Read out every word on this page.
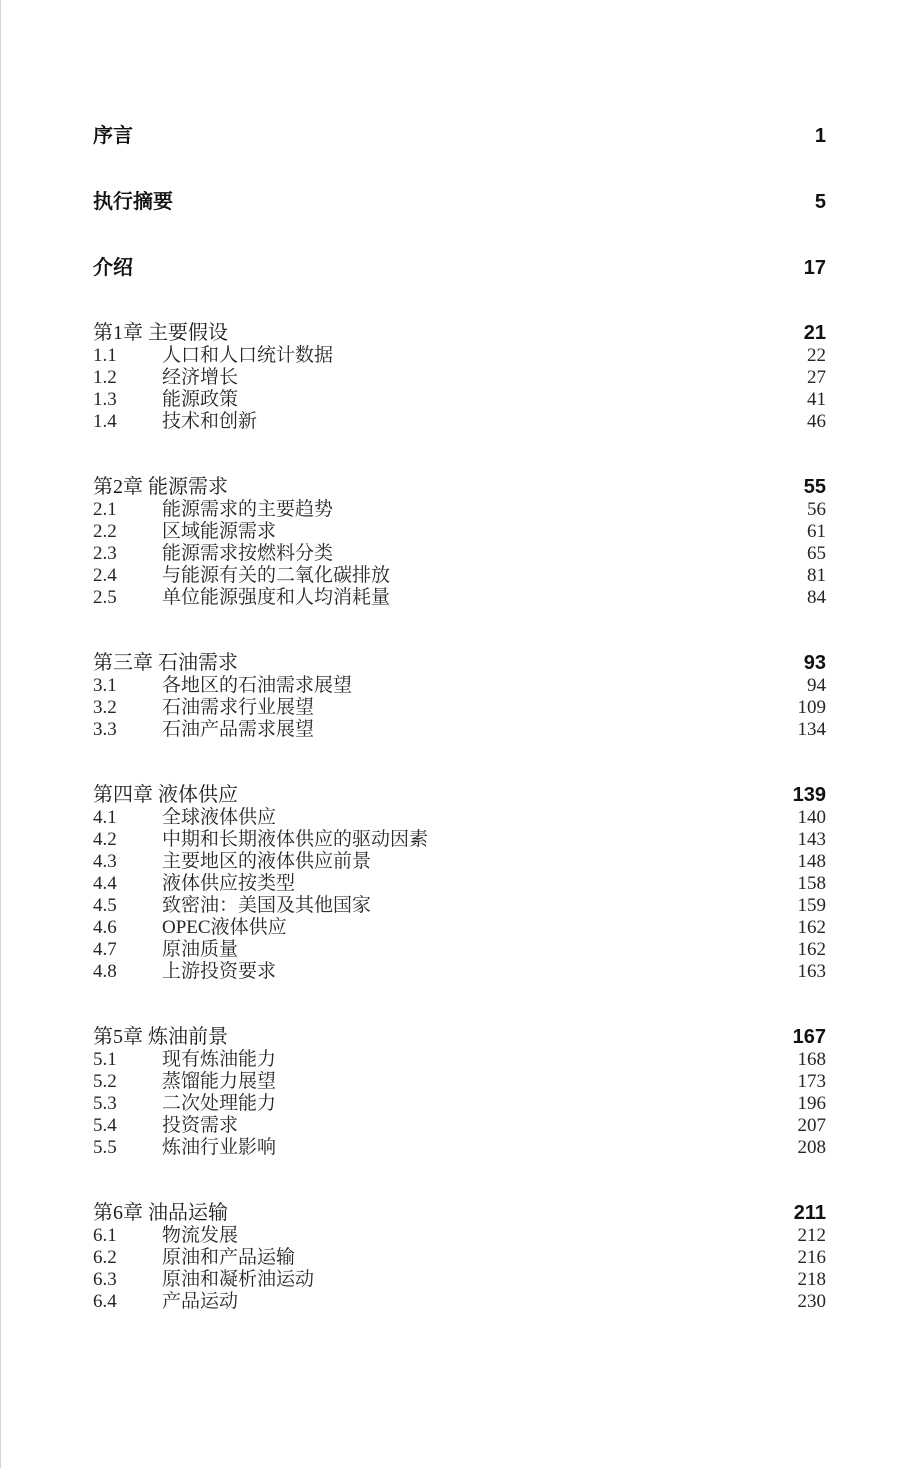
序言	1
执行摘要	5
介绍	17
第1章 主要假设	21
1.1	人口和人口统计数据	22
1.2	经济增长	27
1.3	能源政策	41
1.4	技术和创新	46
第2章 能源需求	55
2.1	能源需求的主要趋势	56
2.2	区域能源需求	61
2.3	能源需求按燃料分类	65
2.4	与能源有关的二氧化碳排放	81
2.5	单位能源强度和人均消耗量	84
第三章 石油需求	93
3.1	各地区的石油需求展望	94
3.2	石油需求行业展望	109
3.3	石油产品需求展望	134
第四章 液体供应	139
4.1	全球液体供应	140
4.2	中期和长期液体供应的驱动因素	143
4.3	主要地区的液体供应前景	148
4.4	液体供应按类型	158
4.5	致密油：美国及其他国家	159
4.6	OPEC液体供应	162
4.7	原油质量	162
4.8	上游投资要求	163
第5章 炼油前景	167
5.1	现有炼油能力	168
5.2	蒸馏能力展望	173
5.3	二次处理能力	196
5.4	投资需求	207
5.5	炼油行业影响	208
第6章 油品运输	211
6.1	物流发展	212
6.2	原油和产品运输	216
6.3	原油和凝析油运动	218
6.4	产品运动	230
